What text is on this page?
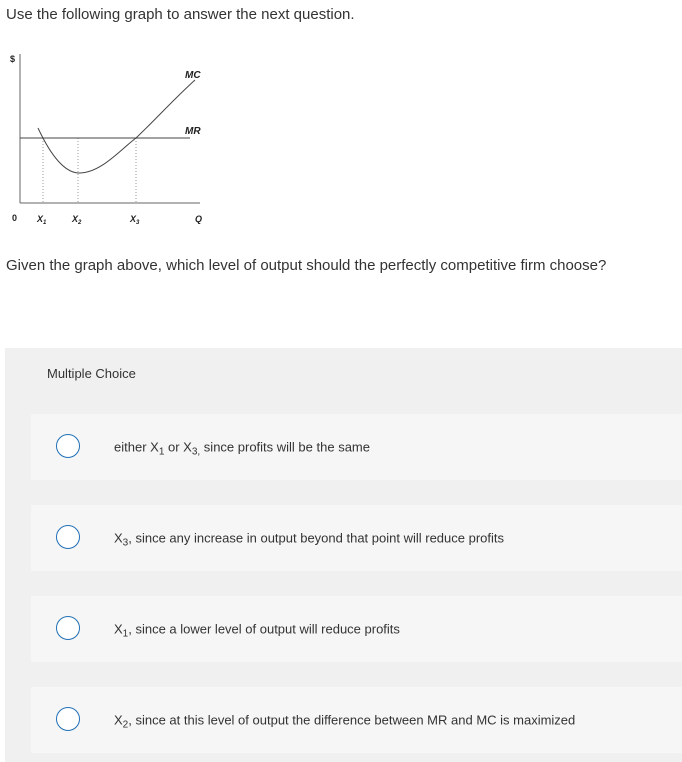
Use the following graph to answer the next question.
$
0	Q
MC
MR
$X_1$	$X_2$	$X_3$
Given the graph above, which level of output should the perfectly competitive firm choose?
Multiple Choice
either $X_1$ or $X_{3,}$ since profits will be the same
$X_3$, since any increase in output beyond that point will reduce profits
$X_1$, since a lower level of output will reduce profits
$X_2$, since at this level of output the difference between MR and MC is maximized
